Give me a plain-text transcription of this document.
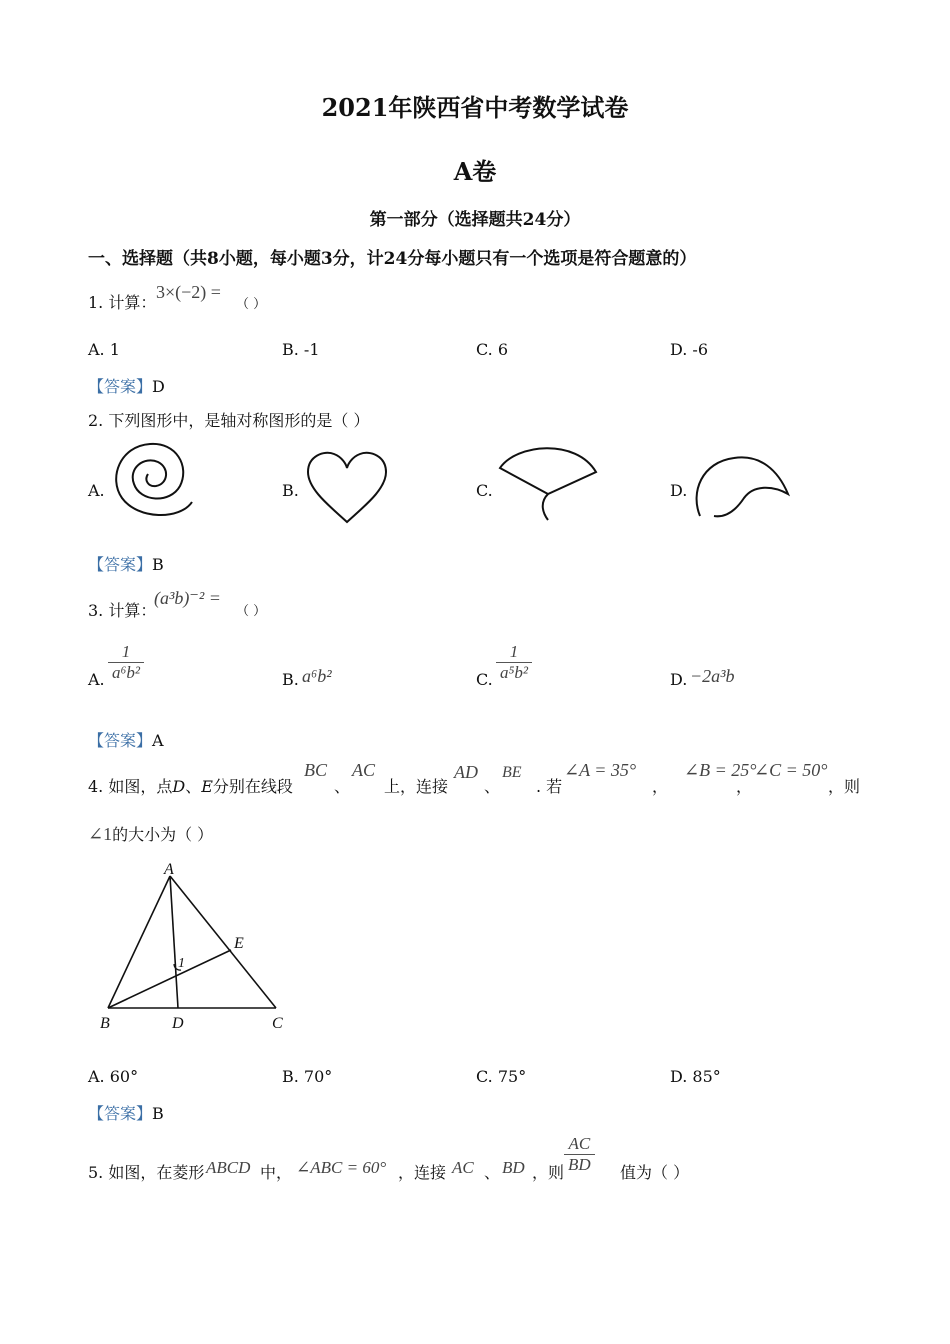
2021年陕西省中考数学试卷
A卷
第一部分（选择题共24分）
一、选择题（共8小题，每小题3分，计24分每小题只有一个选项是符合题意的）
1. 计算：
3×(−2) =
（ ）
A. 1	B. -1	C. 6	D. -6
【答案】D
2. 下列图形中，是轴对称图形的是（ ）
A.	B.	C.	D.
【答案】B
3. 计算：
(a³b)⁻² =
（ ）
A. $\frac{1}{\text{a⁶b²}}$	B. a⁶b²	C. $\frac{1}{\text{a⁵b²}}$	D. −2a³b
【答案】A
4. 如图，点D、E分别在线段
BC
、
AC
上，连接
AD
、
BE
. 若
∠A = 35°
，
∠B = 25°
，
∠C = 50°
，则
∠1的大小为（ ）
A
E
1
B	D	C
A. 60°	B. 70°	C. 75°	D. 85°
【答案】B
5. 如图，在菱形 ABCD 中， ∠ABC = 60° ，连接 AC 、 BD ，则 $\frac{AC}{BD}$ 值为（ ）
